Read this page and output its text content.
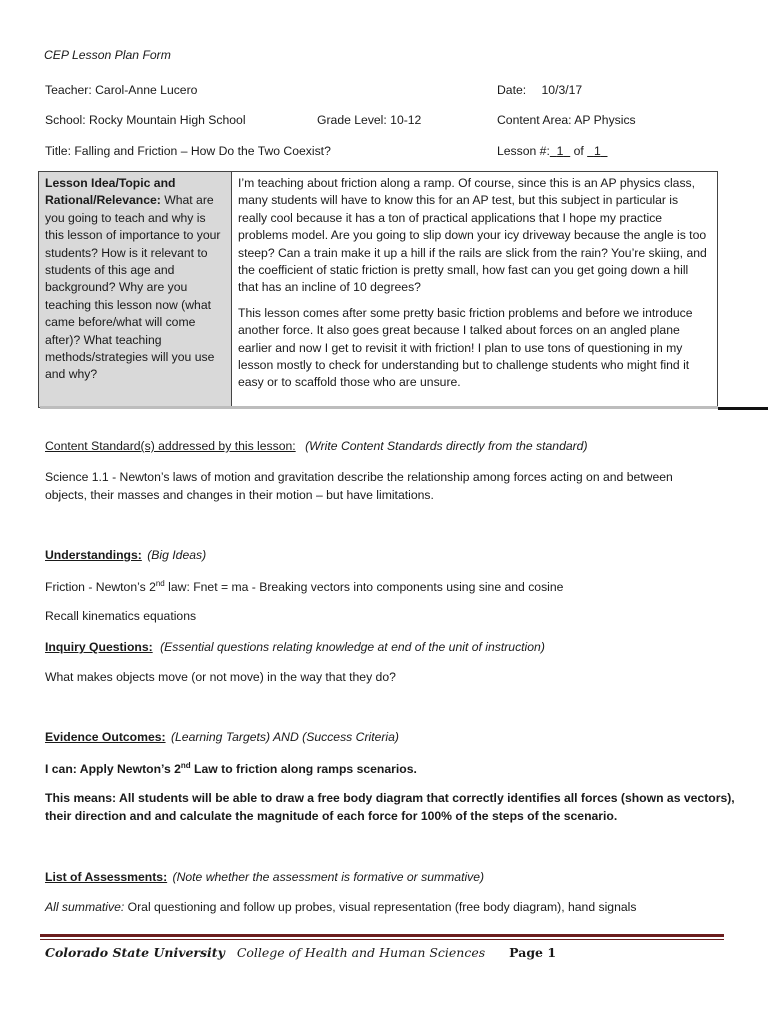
CEP Lesson Plan Form
Teacher: Carol-Anne Lucero	Date: 10/3/17
School: Rocky Mountain High School	Grade Level: 10-12	Content Area: AP Physics
Title: Falling and Friction – How Do the Two Coexist?	Lesson #: 1 of 1
Lesson Idea/Topic and Rational/Relevance: What are you going to teach and why is this lesson of importance to your students? How is it relevant to students of this age and background? Why are you teaching this lesson now (what came before/what will come after)? What teaching methods/strategies will you use and why?

I’m teaching about friction along a ramp. Of course, since this is an AP physics class, many students will have to know this for an AP test, but this subject in particular is really cool because it has a ton of practical applications that I hope my practice problems model. Are you going to slip down your icy driveway because the angle is too steep? Can a train make it up a hill if the rails are slick from the rain? You’re skiing, and the coefficient of static friction is pretty small, how fast can you get going down a hill that has an incline of 10 degrees?

This lesson comes after some pretty basic friction problems and before we introduce another force. It also goes great because I talked about forces on an angled plane earlier and now I get to revisit it with friction! I plan to use tons of questioning in my lesson mostly to check for understanding but to challenge students who might find it easy or to scaffold those who are unsure.

Content Standard(s) addressed by this lesson: (Write Content Standards directly from the standard)
Science 1.1 - Newton’s laws of motion and gravitation describe the relationship among forces acting on and between
objects, their masses and changes in their motion – but have limitations.
Understandings: (Big Ideas)
Friction - Newton’s 2nd law: Fnet = ma - Breaking vectors into components using sine and cosine
Recall kinematics equations
Inquiry Questions: (Essential questions relating knowledge at end of the unit of instruction)
What makes objects move (or not move) in the way that they do?
Evidence Outcomes: (Learning Targets) AND (Success Criteria)
I can: Apply Newton’s 2nd Law to friction along ramps scenarios.
This means: All students will be able to draw a free body diagram that correctly identifies all forces (shown as vectors),
their direction and and calculate the magnitude of each force for 100% of the steps of the scenario.
List of Assessments: (Note whether the assessment is formative or summative)
All summative: Oral questioning and follow up probes, visual representation (free body diagram), hand signals
Colorado State University College of Health and Human Sciences Page 1
